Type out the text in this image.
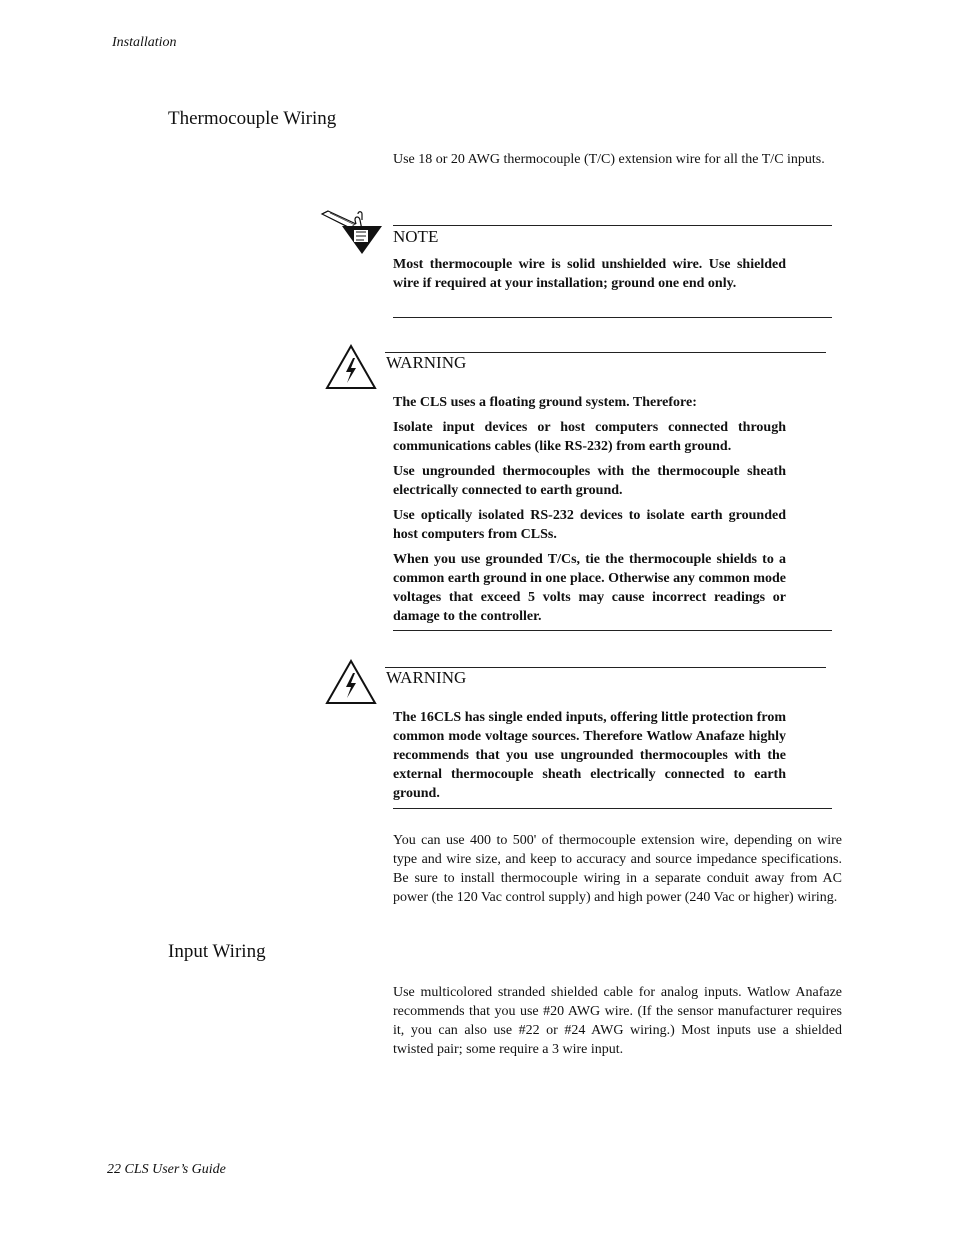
Installation
Thermocouple Wiring
Use 18 or 20 AWG thermocouple (T/C) extension wire for all the T/C inputs.
NOTE
Most thermocouple wire is solid unshielded wire. Use shielded wire if required at your installation; ground one end only.
WARNING

The CLS uses a floating ground system. Therefore:

Isolate input devices or host computers connected through communications cables (like RS-232) from earth ground.

Use ungrounded thermocouples with the thermocouple sheath electrically connected to earth ground.

Use optically isolated RS-232 devices to isolate earth grounded host computers from CLSs.

When you use grounded T/Cs, tie the thermocouple shields to a common earth ground in one place. Otherwise any common mode voltages that exceed 5 volts may cause incorrect readings or damage to the controller.

WARNING
The 16CLS has single ended inputs, offering little protection from common mode voltage sources. Therefore Watlow Anafaze highly recommends that you use ungrounded thermocouples with the external thermocouple sheath electrically connected to earth ground.
You can use 400 to 500' of thermocouple extension wire, depending on wire type and wire size, and keep to accuracy and source impedance specifications. Be sure to install thermocouple wiring in a separate conduit away from AC power (the 120 Vac control supply) and high power (240 Vac or higher) wiring.
Input Wiring
Use multicolored stranded shielded cable for analog inputs. Watlow Anafaze recommends that you use #20 AWG wire. (If the sensor manufacturer requires it, you can also use #22 or #24 AWG wiring.) Most inputs use a shielded twisted pair; some require a 3 wire input.
22 CLS User’s Guide
